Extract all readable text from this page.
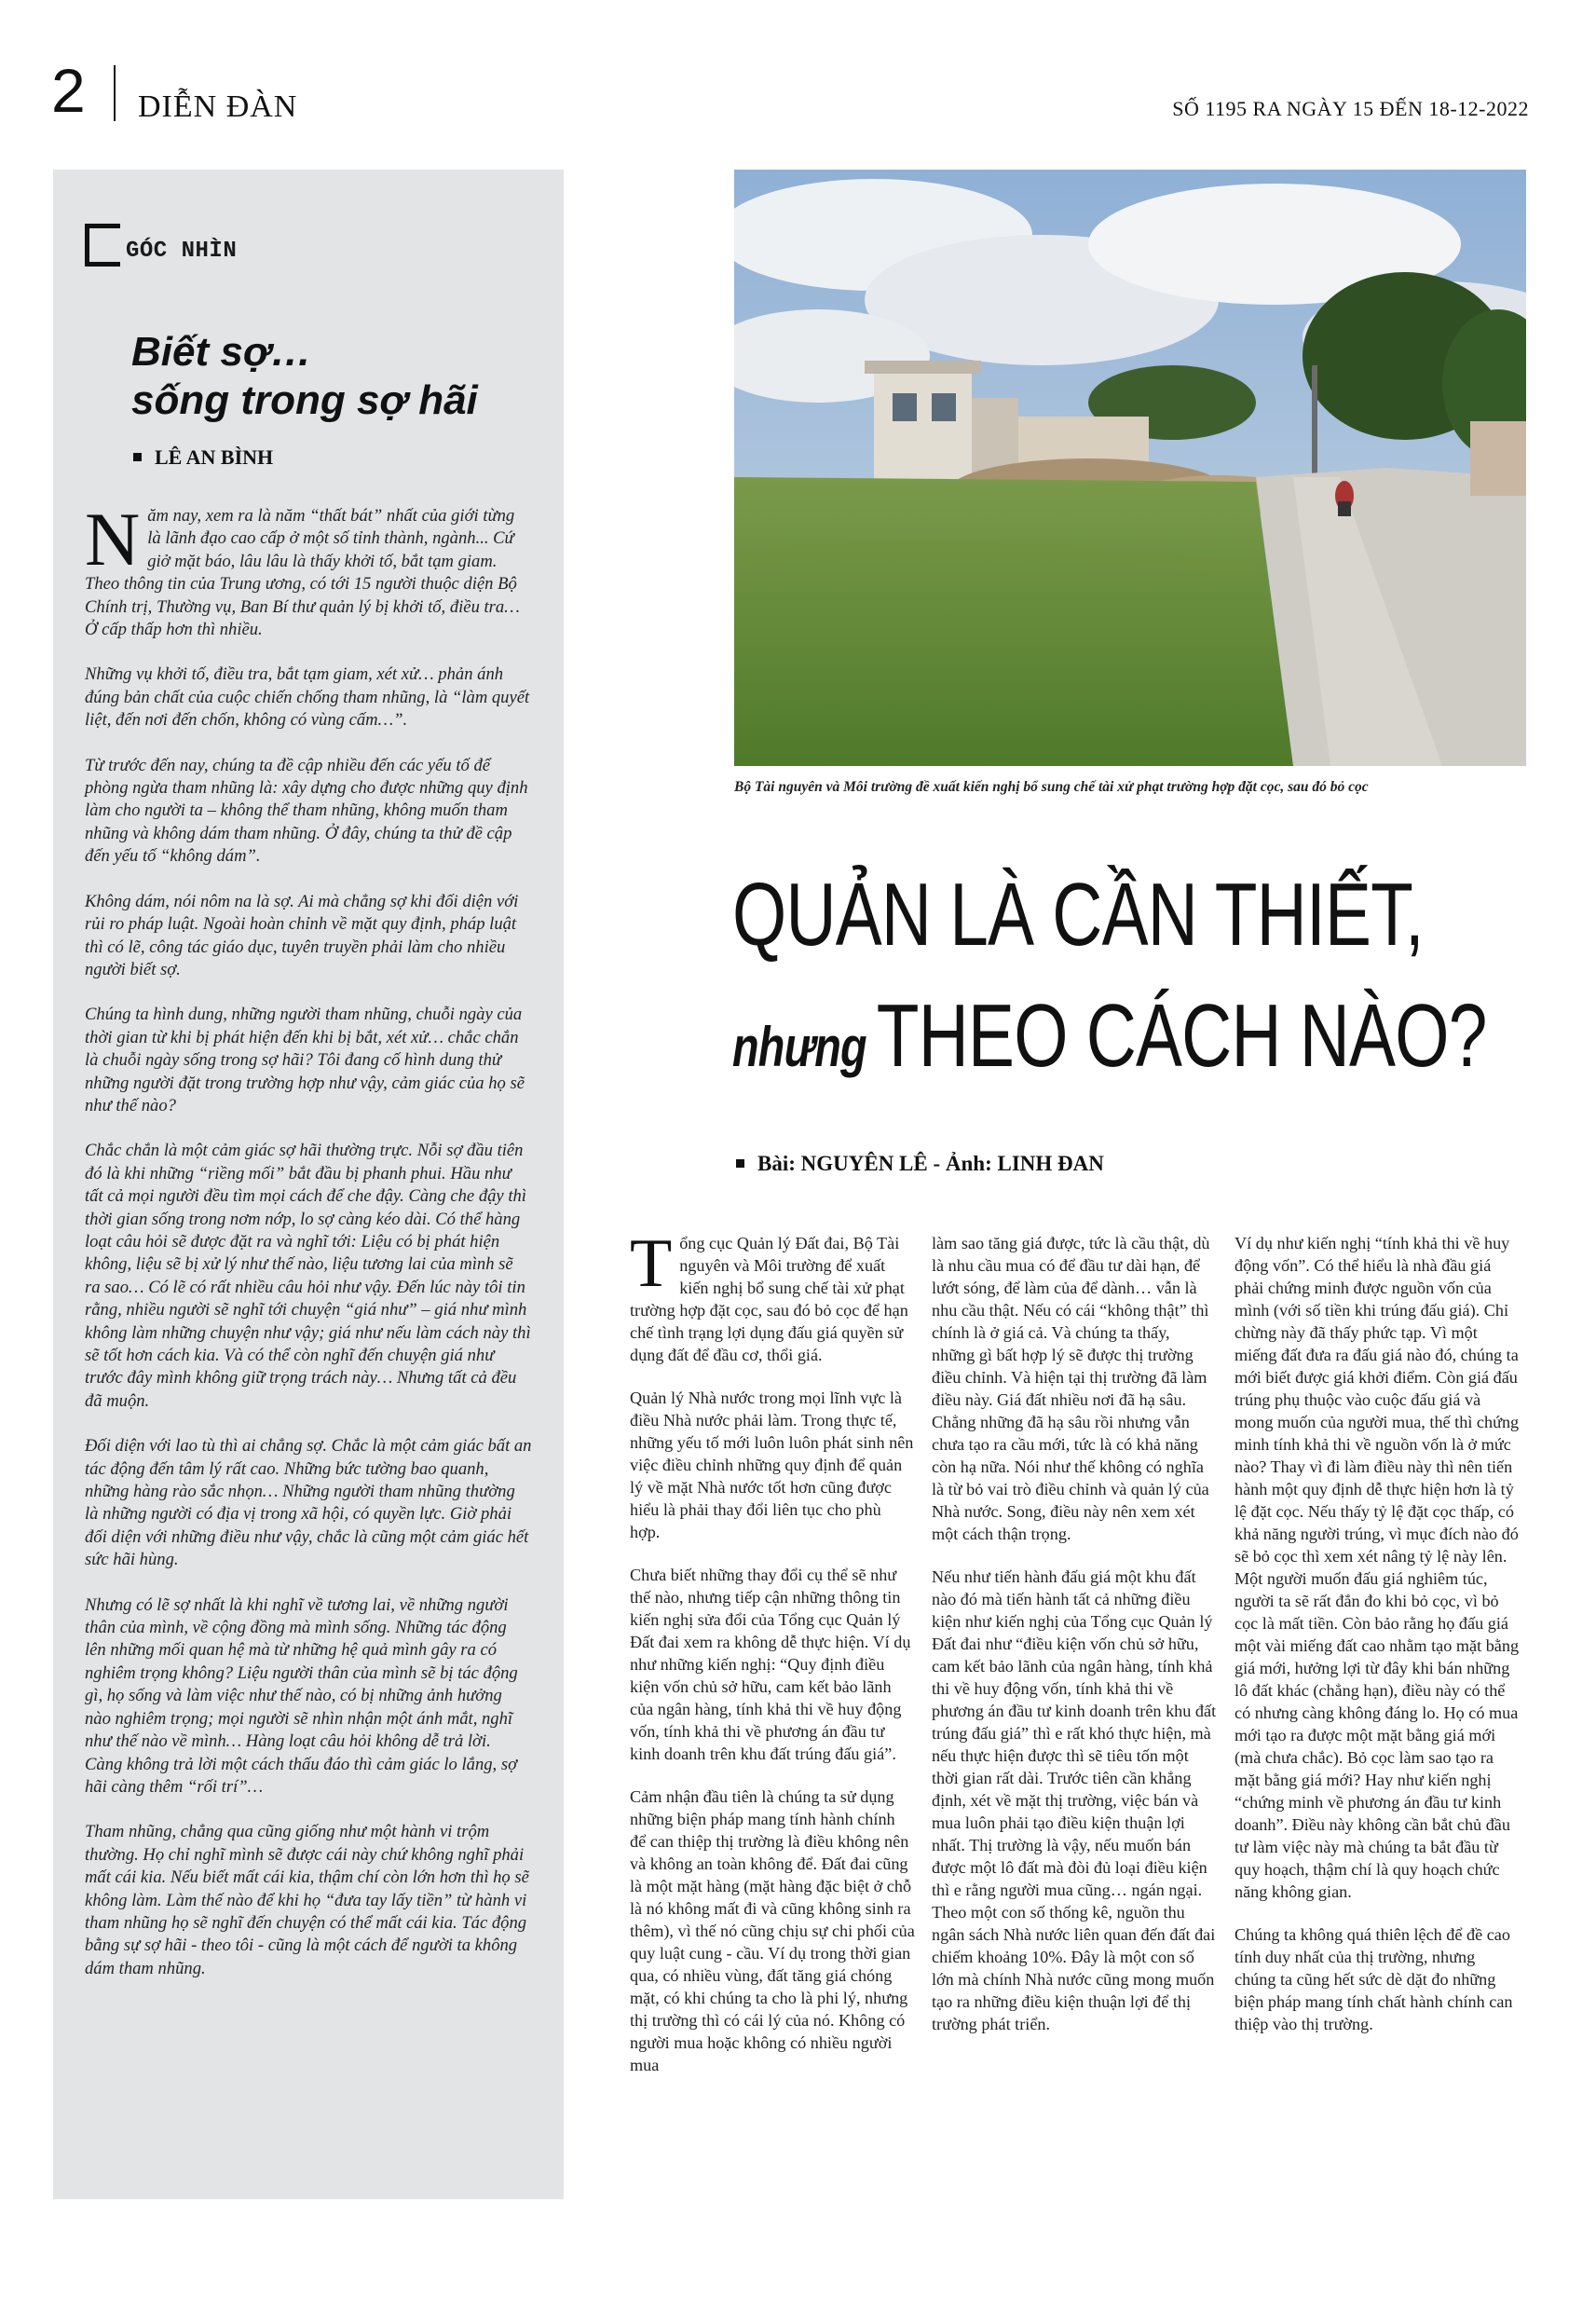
2 DIỄN ĐÀN	SỐ 1195 RA NGÀY 15 ĐẾN 18-12-2022
GÓC NHÌN
Biết sợ…
sống trong sợ hãi
LÊ AN BÌNH

Năm nay, xem ra là năm “thất bát” nhất của giới từng là lãnh đạo cao cấp ở một số tỉnh thành, ngành... Cứ giở mặt báo, lâu lâu là thấy khởi tố, bắt tạm giam. Theo thông tin của Trung ương, có tới 15 người thuộc diện Bộ Chính trị, Thường vụ, Ban Bí thư quản lý bị khởi tố, điều tra… Ở cấp thấp hơn thì nhiều.

Những vụ khởi tố, điều tra, bắt tạm giam, xét xử… phản ánh đúng bản chất của cuộc chiến chống tham nhũng, là “làm quyết liệt, đến nơi đến chốn, không có vùng cấm…”.

Từ trước đến nay, chúng ta đề cập nhiều đến các yếu tố để phòng ngừa tham nhũng là: xây dựng cho được những quy định làm cho người ta – không thể tham nhũng, không muốn tham nhũng và không dám tham nhũng. Ở đây, chúng ta thử đề cập đến yếu tố “không dám”.

Không dám, nói nôm na là sợ. Ai mà chẳng sợ khi đối diện với rủi ro pháp luật. Ngoài hoàn chỉnh về mặt quy định, pháp luật thì có lẽ, công tác giáo dục, tuyên truyền phải làm cho nhiều người biết sợ.

Chúng ta hình dung, những người tham nhũng, chuỗi ngày của thời gian từ khi bị phát hiện đến khi bị bắt, xét xử… chắc chắn là chuỗi ngày sống trong sợ hãi? Tôi đang cố hình dung thử những người đặt trong trường hợp như vậy, cảm giác của họ sẽ như thế nào?

Chắc chắn là một cảm giác sợ hãi thường trực. Nỗi sợ đầu tiên đó là khi những “riềng mối” bắt đầu bị phanh phui. Hầu như tất cả mọi người đều tìm mọi cách để che đậy. Càng che đậy thì thời gian sống trong nơm nớp, lo sợ càng kéo dài. Có thể hàng loạt câu hỏi sẽ được đặt ra và nghĩ tới: Liệu có bị phát hiện không, liệu sẽ bị xử lý như thế nào, liệu tương lai của mình sẽ ra sao… Có lẽ có rất nhiều câu hỏi như vậy. Đến lúc này tôi tin rằng, nhiều người sẽ nghĩ tới chuyện “giá như” – giá như mình không làm những chuyện như vậy; giá như nếu làm cách này thì sẽ tốt hơn cách kia. Và có thể còn nghĩ đến chuyện giá như trước đây mình không giữ trọng trách này… Nhưng tất cả đều đã muộn.

Đối diện với lao tù thì ai chẳng sợ. Chắc là một cảm giác bất an tác động đến tâm lý rất cao. Những bức tường bao quanh, những hàng rào sắc nhọn… Những người tham nhũng thường là những người có địa vị trong xã hội, có quyền lực. Giờ phải đối diện với những điều như vậy, chắc là cũng một cảm giác hết sức hãi hùng.

Nhưng có lẽ sợ nhất là khi nghĩ về tương lai, về những người thân của mình, về cộng đồng mà mình sống. Những tác động lên những mối quan hệ mà từ những hệ quả mình gây ra có nghiêm trọng không? Liệu người thân của mình sẽ bị tác động gì, họ sống và làm việc như thế nào, có bị những ảnh hưởng nào nghiêm trọng; mọi người sẽ nhìn nhận một ánh mắt, nghĩ như thế nào về mình… Hàng loạt câu hỏi không dễ trả lời. Càng không trả lời một cách thấu đáo thì cảm giác lo lắng, sợ hãi càng thêm “rối trí”…

Tham nhũng, chẳng qua cũng giống như một hành vi trộm thường. Họ chỉ nghĩ mình sẽ được cái này chứ không nghĩ phải mất cái kia. Nếu biết mất cái kia, thậm chí còn lớn hơn thì họ sẽ không làm. Làm thế nào để khi họ “đưa tay lấy tiền” từ hành vi tham nhũng họ sẽ nghĩ đến chuyện có thể mất cái kia. Tác động bằng sự sợ hãi - theo tôi - cũng là một cách để người ta không dám tham nhũng.

Bộ Tài nguyên và Môi trường đề xuất kiến nghị bổ sung chế tài xử phạt trường hợp đặt cọc, sau đó bỏ cọc
QUẢN LÀ CẦN THIẾT,
nhưng THEO CÁCH NÀO?
Bài: NGUYÊN LÊ - Ảnh: LINH ĐAN

Tổng cục Quản lý Đất đai, Bộ Tài nguyên và Môi trường để xuất kiến nghị bổ sung chế tài xử phạt trường hợp đặt cọc, sau đó bỏ cọc để hạn chế tình trạng lợi dụng đấu giá quyền sử dụng đất để đầu cơ, thổi giá.

Quản lý Nhà nước trong mọi lĩnh vực là điều Nhà nước phải làm. Trong thực tế, những yếu tố mới luôn luôn phát sinh nên việc điều chỉnh những quy định để quản lý về mặt Nhà nước tốt hơn cũng được hiểu là phải thay đổi liên tục cho phù hợp.

Chưa biết những thay đổi cụ thể sẽ như thế nào, nhưng tiếp cận những thông tin kiến nghị sửa đổi của Tổng cục Quản lý Đất đai xem ra không dễ thực hiện. Ví dụ như những kiến nghị: “Quy định điều kiện vốn chủ sở hữu, cam kết bảo lãnh của ngân hàng, tính khả thi về huy động vốn, tính khả thi về phương án đầu tư kinh doanh trên khu đất trúng đấu giá”.

Cảm nhận đầu tiên là chúng ta sử dụng những biện pháp mang tính hành chính để can thiệp thị trường là điều không nên và không an toàn không để. Đất đai cũng là một mặt hàng (mặt hàng đặc biệt ở chỗ là nó không mất đi và cũng không sinh ra thêm), vì thế nó cũng chịu sự chi phối của quy luật cung - cầu. Ví dụ trong thời gian qua, có nhiều vùng, đất tăng giá chóng mặt, có khi chúng ta cho là phi lý, nhưng thị trường thì có cái lý của nó. Không có người mua hoặc không có nhiều người mua

làm sao tăng giá được, tức là cầu thật, dù là nhu cầu mua có để đầu tư dài hạn, để lướt sóng, để làm của để dành… vẫn là nhu cầu thật. Nếu có cái “không thật” thì chính là ở giá cả. Và chúng ta thấy, những gì bất hợp lý sẽ được thị trường điều chỉnh. Và hiện tại thị trường đã làm điều này. Giá đất nhiều nơi đã hạ sâu. Chẳng những đã hạ sâu rồi nhưng vẫn chưa tạo ra cầu mới, tức là có khả năng còn hạ nữa. Nói như thế không có nghĩa là từ bỏ vai trò điều chỉnh và quản lý của Nhà nước. Song, điều này nên xem xét một cách thận trọng.

Nếu như tiến hành đấu giá một khu đất nào đó mà tiến hành tất cả những điều kiện như kiến nghị của Tổng cục Quản lý Đất đai như “điều kiện vốn chủ sở hữu, cam kết bảo lãnh của ngân hàng, tính khả thi về huy động vốn, tính khả thi về phương án đầu tư kinh doanh trên khu đất trúng đấu giá” thì e rất khó thực hiện, mà nếu thực hiện được thì sẽ tiêu tốn một thời gian rất dài. Trước tiên cần khẳng định, xét về mặt thị trường, việc bán và mua luôn phải tạo điều kiện thuận lợi nhất. Thị trường là vậy, nếu muốn bán được một lô đất mà đòi đủ loại điều kiện thì e rằng người mua cũng… ngán ngại. Theo một con số thống kê, nguồn thu ngân sách Nhà nước liên quan đến đất đai chiếm khoảng 10%. Đây là một con số lớn mà chính Nhà nước cũng mong muốn tạo ra những điều kiện thuận lợi để thị trường phát triển.

Ví dụ như kiến nghị “tính khả thi về huy động vốn”. Có thể hiểu là nhà đầu giá phải chứng minh được nguồn vốn của mình (với số tiền khi trúng đấu giá). Chỉ chừng này đã thấy phức tạp. Vì một miếng đất đưa ra đấu giá nào đó, chúng ta mới biết được giá khởi điểm. Còn giá đấu trúng phụ thuộc vào cuộc đấu giá và mong muốn của người mua, thế thì chứng minh tính khả thi về nguồn vốn là ở mức nào? Thay vì đi làm điều này thì nên tiến hành một quy định dễ thực hiện hơn là tỷ lệ đặt cọc. Nếu thấy tỷ lệ đặt cọc thấp, có khả năng người trúng, vì mục đích nào đó sẽ bỏ cọc thì xem xét nâng tỷ lệ này lên. Một người muốn đấu giá nghiêm túc, người ta sẽ rất đắn đo khi bỏ cọc, vì bỏ cọc là mất tiền. Còn bảo rằng họ đấu giá một vài miếng đất cao nhằm tạo mặt bằng giá mới, hưởng lợi từ đây khi bán những lô đất khác (chẳng hạn), điều này có thể có nhưng càng không đáng lo. Họ có mua mới tạo ra được một mặt bằng giá mới (mà chưa chắc). Bỏ cọc làm sao tạo ra mặt bằng giá mới? Hay như kiến nghị “chứng minh về phương án đầu tư kinh doanh”. Điều này không cần bắt chủ đầu tư làm việc này mà chúng ta bắt đầu từ quy hoạch, thậm chí là quy hoạch chức năng không gian.

Chúng ta không quá thiên lệch để đề cao tính duy nhất của thị trường, nhưng chúng ta cũng hết sức dè dặt đo những biện pháp mang tính chất hành chính can thiệp vào thị trường.
